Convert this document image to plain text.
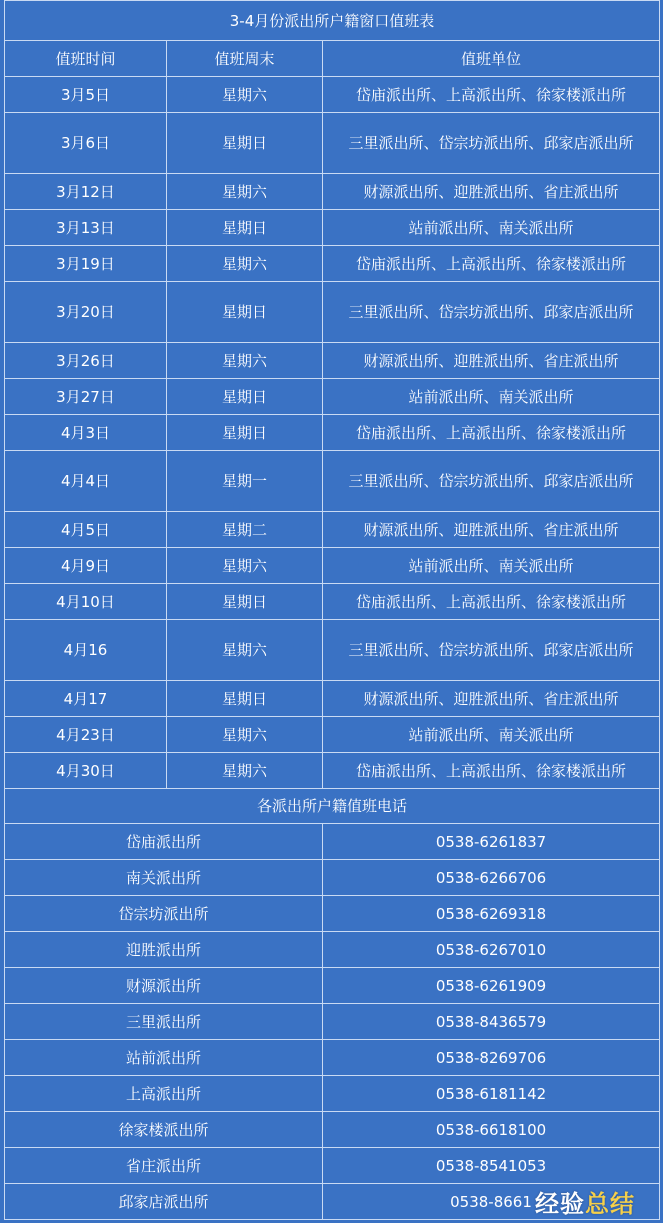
3-4月份派出所户籍窗口值班表		
值班时间	值班周末	值班单位
3月5日	星期六	岱庙派出所、上高派出所、徐家楼派出所
3月6日	星期日	三里派出所、岱宗坊派出所、邱家店派出所
3月12日	星期六	财源派出所、迎胜派出所、省庄派出所
3月13日	星期日	站前派出所、南关派出所
3月19日	星期六	岱庙派出所、上高派出所、徐家楼派出所
3月20日	星期日	三里派出所、岱宗坊派出所、邱家店派出所
3月26日	星期六	财源派出所、迎胜派出所、省庄派出所
3月27日	星期日	站前派出所、南关派出所
4月3日	星期日	岱庙派出所、上高派出所、徐家楼派出所
4月4日	星期一	三里派出所、岱宗坊派出所、邱家店派出所
4月5日	星期二	财源派出所、迎胜派出所、省庄派出所
4月9日	星期六	站前派出所、南关派出所
4月10日	星期日	岱庙派出所、上高派出所、徐家楼派出所
4月16	星期六	三里派出所、岱宗坊派出所、邱家店派出所
4月17	星期日	财源派出所、迎胜派出所、省庄派出所
4月23日	星期六	站前派出所、南关派出所
4月30日	星期六	岱庙派出所、上高派出所、徐家楼派出所
各派出所户籍值班电话		
岱庙派出所		0538-6261837
南关派出所		0538-6266706
岱宗坊派出所		0538-6269318
迎胜派出所		0538-6267010
财源派出所		0538-6261909
三里派出所		0538-8436579
站前派出所		0538-8269706
上高派出所		0538-6181142
徐家楼派出所		0538-6618100
省庄派出所		0538-8541053
邱家店派出所		0538-8661 经验总结
